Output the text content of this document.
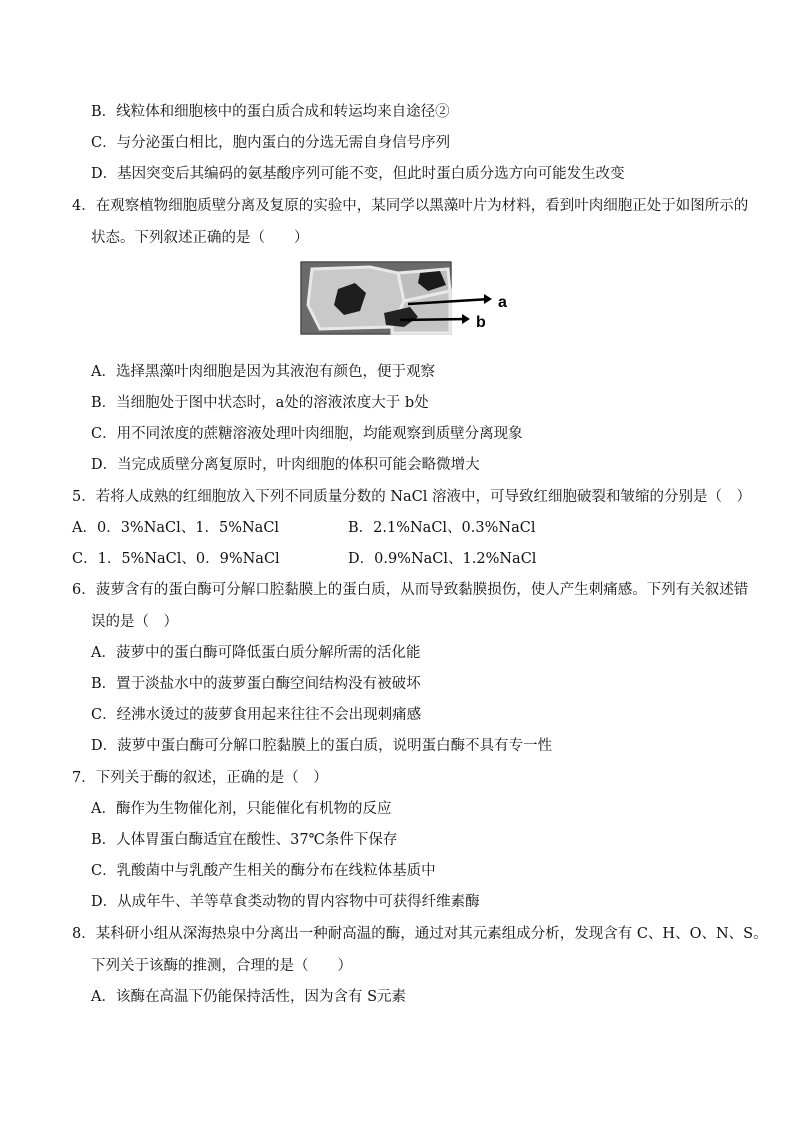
B．线粒体和细胞核中的蛋白质合成和转运均来自途径②
C．与分泌蛋白相比，胞内蛋白的分选无需自身信号序列
D．基因突变后其编码的氨基酸序列可能不变，但此时蛋白质分选方向可能发生改变
4．在观察植物细胞质壁分离及复原的实验中，某同学以黑藻叶片为材料，看到叶肉细胞正处于如图所示的
状态。下列叙述正确的是（　　）
a
b
A．选择黑藻叶肉细胞是因为其液泡有颜色，便于观察
B．当细胞处于图中状态时，a处的溶液浓度大于 b处
C．用不同浓度的蔗糖溶液处理叶肉细胞，均能观察到质壁分离现象
D．当完成质壁分离复原时，叶肉细胞的体积可能会略微增大
5．若将人成熟的红细胞放入下列不同质量分数的 NaCl 溶液中，可导致红细胞破裂和皱缩的分别是（　）
A．0．3%NaCl、1．5%NaCl	B．2.1%NaCl、0.3%NaCl
C．1．5%NaCl、0．9%NaCl	D．0.9%NaCl、1.2%NaCl
6．菠萝含有的蛋白酶可分解口腔黏膜上的蛋白质，从而导致黏膜损伤，使人产生刺痛感。下列有关叙述错
误的是（　）
A．菠萝中的蛋白酶可降低蛋白质分解所需的活化能
B．置于淡盐水中的菠萝蛋白酶空间结构没有被破坏
C．经沸水烫过的菠萝食用起来往往不会出现刺痛感
D．菠萝中蛋白酶可分解口腔黏膜上的蛋白质，说明蛋白酶不具有专一性
7．下列关于酶的叙述，正确的是（　）
A．酶作为生物催化剂，只能催化有机物的反应
B．人体胃蛋白酶适宜在酸性、37℃条件下保存
C．乳酸菌中与乳酸产生相关的酶分布在线粒体基质中
D．从成年牛、羊等草食类动物的胃内容物中可获得纤维素酶
8．某科研小组从深海热泉中分离出一种耐高温的酶，通过对其元素组成分析，发现含有 C、H、O、N、S。
下列关于该酶的推测，合理的是（　　）
A．该酶在高温下仍能保持活性，因为含有 S元素
